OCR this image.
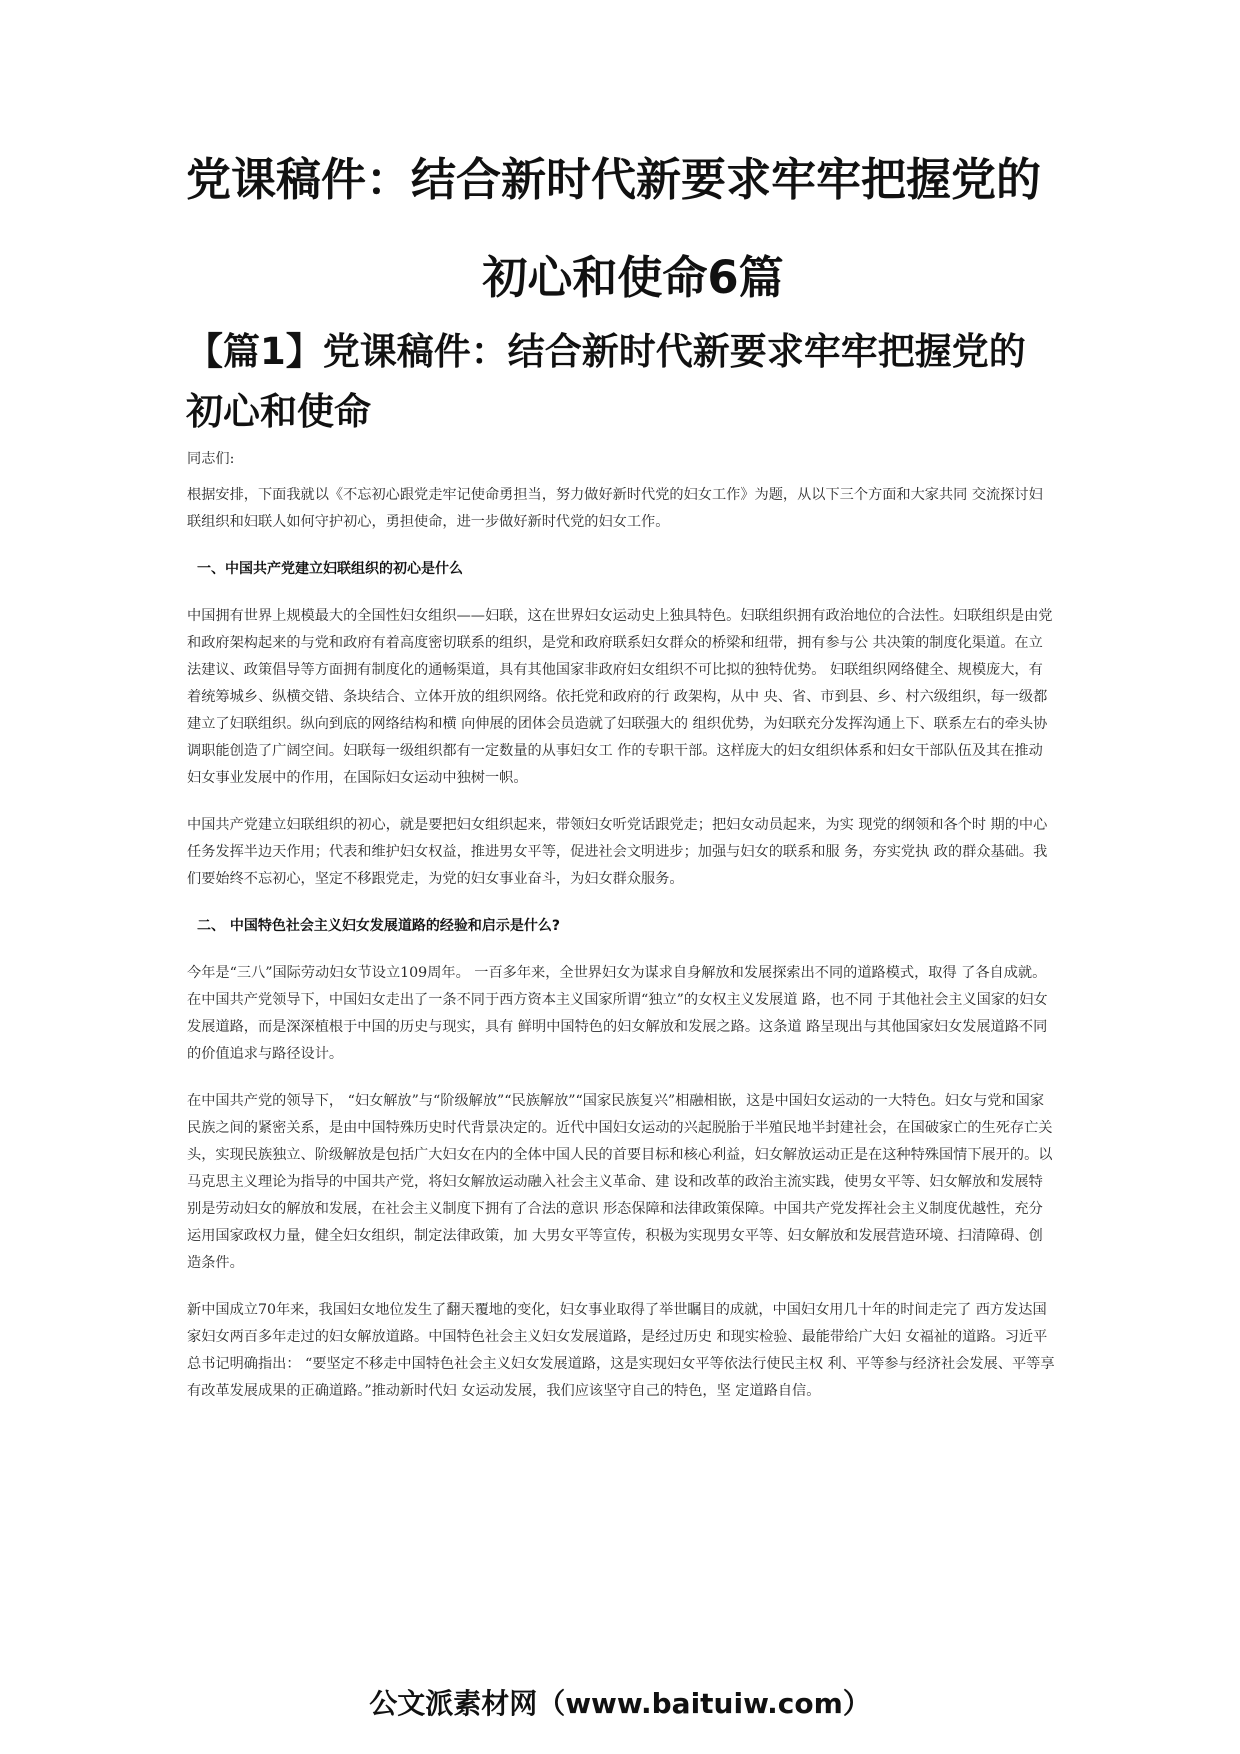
党课稿件：结合新时代新要求牢牢把握党的
初心和使命6篇
【篇1】党课稿件：结合新时代新要求牢牢把握党的初心和使命

同志们:

根据安排，下面我就以《不忘初心跟党走牢记使命勇担当，努力做好新时代党的妇女工作》为题，从以下三个方面和大家共同 交流探讨妇联组织和妇联人如何守护初心，勇担使命，进一步做好新时代党的妇女工作。

一、中国共产党建立妇联组织的初心是什么

中国拥有世界上规模最大的全国性妇女组织——妇联，这在世界妇女运动史上独具特色。妇联组织拥有政治地位的合法性。妇联组织是由党和政府架构起来的与党和政府有着高度密切联系的组织，是党和政府联系妇女群众的桥梁和纽带，拥有参与公 共决策的制度化渠道。在立法建议、政策倡导等方面拥有制度化的通畅渠道，具有其他国家非政府妇女组织不可比拟的独特优势。 妇联组织网络健全、规模庞大，有着统筹城乡、纵横交错、条块结合、立体开放的组织网络。依托党和政府的行 政架构，从中 央、省、市到县、乡、村六级组织，每一级都建立了妇联组织。纵向到底的网络结构和横 向伸展的团体会员造就了妇联强大的 组织优势，为妇联充分发挥沟通上下、联系左右的牵头协调职能创造了广阔空间。妇联每一级组织都有一定数量的从事妇女工 作的专职干部。这样庞大的妇女组织体系和妇女干部队伍及其在推动妇女事业发展中的作用，在国际妇女运动中独树一帜。

中国共产党建立妇联组织的初心，就是要把妇女组织起来，带领妇女听党话跟党走；把妇女动员起来，为实 现党的纲领和各个时 期的中心任务发挥半边天作用；代表和维护妇女权益，推进男女平等，促进社会文明进步；加强与妇女的联系和服 务，夯实党执 政的群众基础。我们要始终不忘初心，坚定不移跟党走，为党的妇女事业奋斗，为妇女群众服务。

二、 中国特色社会主义妇女发展道路的经验和启示是什么?

今年是“三八”国际劳动妇女节设立109周年。 一百多年来，全世界妇女为谋求自身解放和发展探索出不同的道路模式，取得 了各自成就。在中国共产党领导下，中国妇女走出了一条不同于西方资本主义国家所谓“独立”的女权主义发展道 路，也不同 于其他社会主义国家的妇女发展道路，而是深深植根于中国的历史与现实，具有 鲜明中国特色的妇女解放和发展之路。这条道 路呈现出与其他国家妇女发展道路不同的价值追求与路径设计。

在中国共产党的领导下， “妇女解放”与“阶级解放”“民族解放”“国家民族复兴”相融相嵌，这是中国妇女运动的一大特色。妇女与党和国家民族之间的紧密关系，是由中国特殊历史时代背景决定的。近代中国妇女运动的兴起脱胎于半殖民地半封建社会，在国破家亡的生死存亡关头，实现民族独立、阶级解放是包括广大妇女在内的全体中国人民的首要目标和核心利益，妇女解放运动正是在这种特殊国情下展开的。以马克思主义理论为指导的中国共产党，将妇女解放运动融入社会主义革命、建 设和改革的政治主流实践，使男女平等、妇女解放和发展特别是劳动妇女的解放和发展，在社会主义制度下拥有了合法的意识 形态保障和法律政策保障。中国共产党发挥社会主义制度优越性，充分运用国家政权力量，健全妇女组织，制定法律政策，加 大男女平等宣传，积极为实现男女平等、妇女解放和发展营造环境、扫清障碍、创造条件。

新中国成立70年来，我国妇女地位发生了翻天覆地的变化，妇女事业取得了举世瞩目的成就，中国妇女用几十年的时间走完了 西方发达国家妇女两百多年走过的妇女解放道路。中国特色社会主义妇女发展道路，是经过历史 和现实检验、最能带给广大妇 女福祉的道路。习近平总书记明确指出： “要坚定不移走中国特色社会主义妇女发展道路，这是实现妇女平等依法行使民主权 利、平等参与经济社会发展、平等享有改革发展成果的正确道路。”推动新时代妇 女运动发展，我们应该坚守自己的特色，坚 定道路自信。

公文派素材网（www.baituiw.com）
